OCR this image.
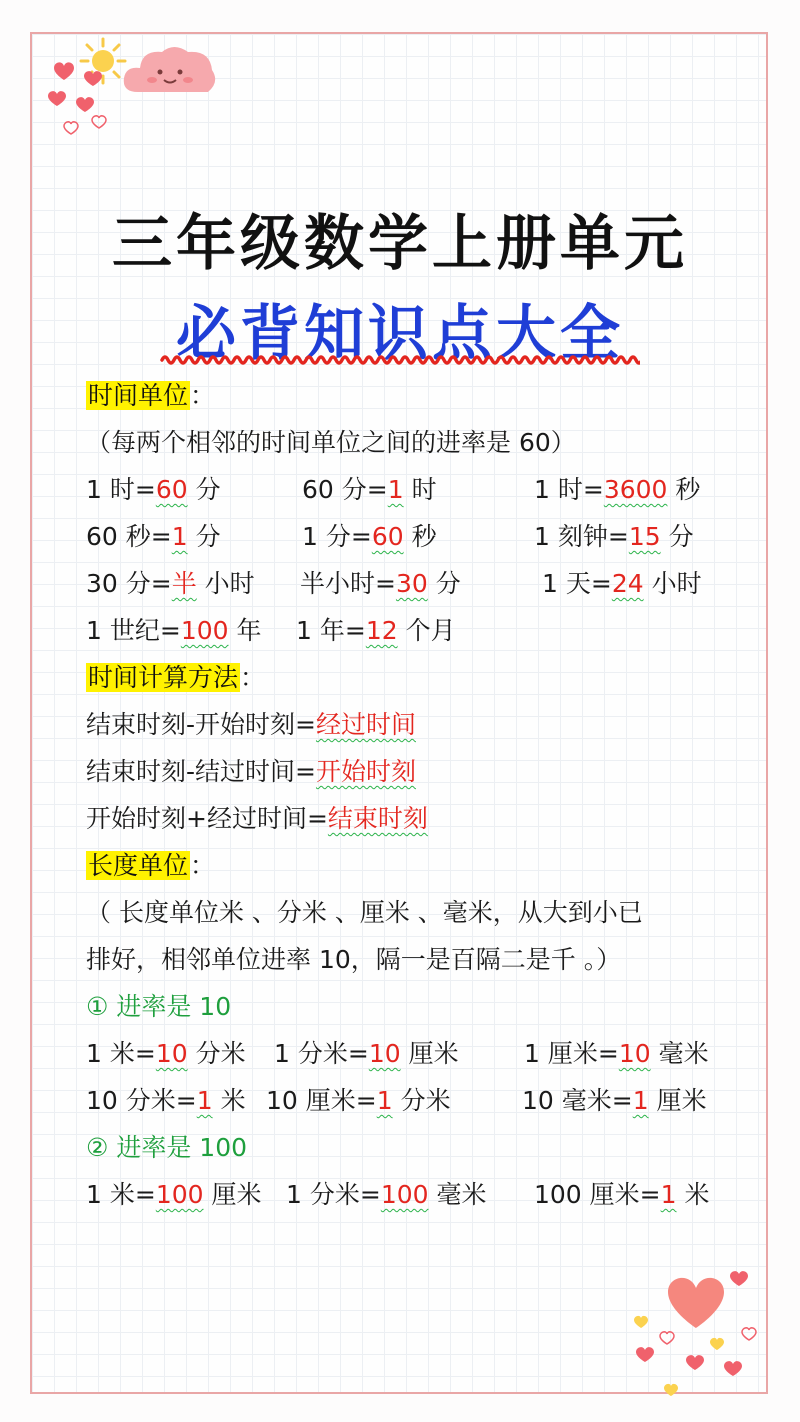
三年级数学上册单元
必背知识点大全
时间单位：
（每两个相邻的时间单位之间的进率是 60）
1 时=60 分	60 分=1 时	1 时=3600 秒
60 秒=1 分	1 分=60 秒	1 刻钟=15 分
30 分=半 小时 半小时=30 分	1 天=24 小时
1 世纪=100 年 1 年=12 个月
时间计算方法：
结束时刻-开始时刻=经过时间
结束时刻-结过时间=开始时刻
开始时刻+经过时间=结束时刻
长度单位：
（ 长度单位米 、分米 、厘米 、毫米，从大到小已
排好，相邻单位进率 10，隔一是百隔二是千 。）
① 进率是 10
1 米=10 分米 1 分米=10 厘米	1 厘米=10 毫米
10 分米=1 米 10 厘米=1 分米	10 毫米=1 厘米
② 进率是 100
1 米=100 厘米 1 分米=100 毫米 100 厘米=1 米
